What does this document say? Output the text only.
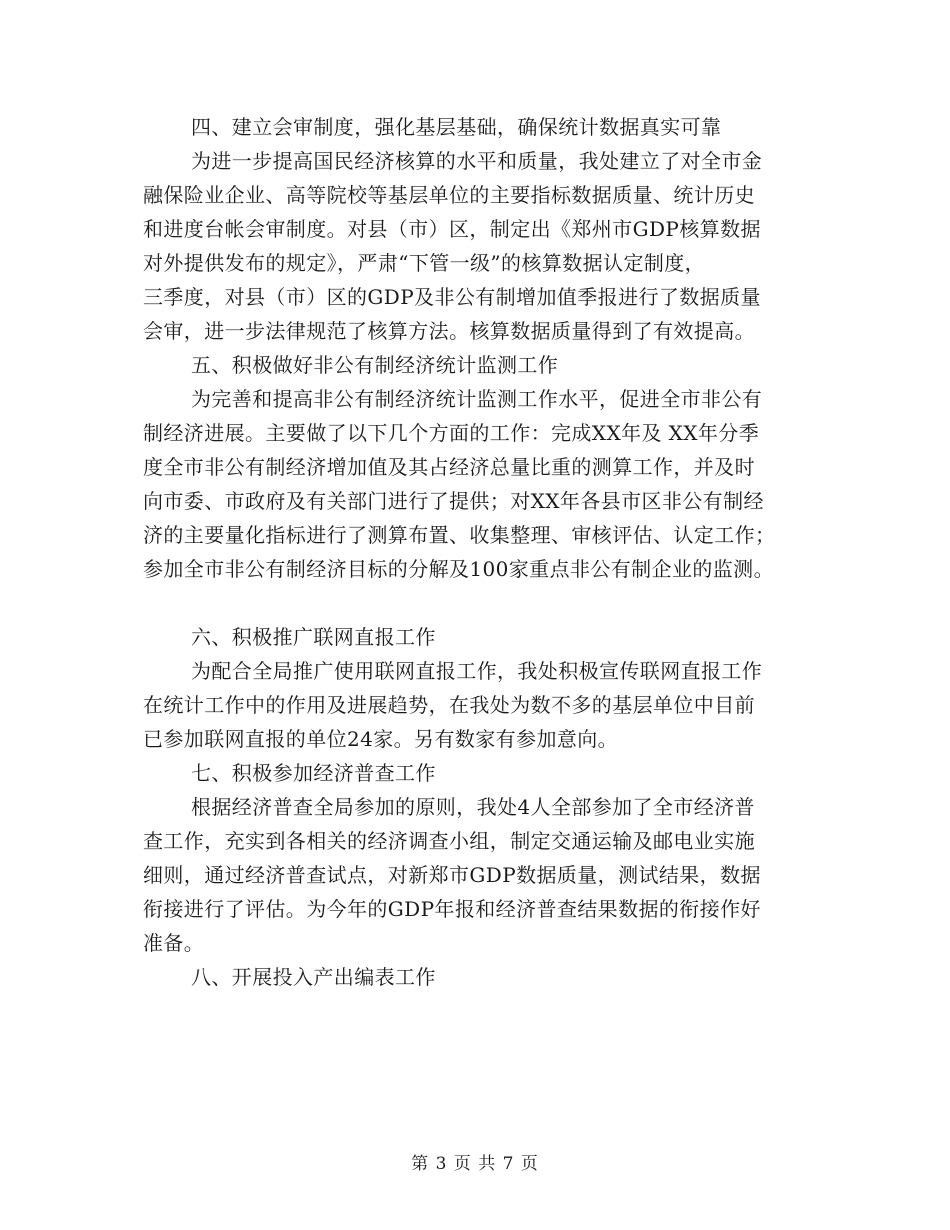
四、建立会审制度，强化基层基础，确保统计数据真实可靠
为进一步提高国民经济核算的水平和质量，我处建立了对全市金
融保险业企业、高等院校等基层单位的主要指标数据质量、统计历史
和进度台帐会审制度。对县（市）区，制定出《郑州市GDP核算数据
对外提供发布的规定》，严肃“下管一级”的核算数据认定制度，
三季度，对县（市）区的GDP及非公有制增加值季报进行了数据质量
会审，进一步法律规范了核算方法。核算数据质量得到了有效提高。
五、积极做好非公有制经济统计监测工作
为完善和提高非公有制经济统计监测工作水平，促进全市非公有
制经济进展。主要做了以下几个方面的工作：完成XX年及 XX年分季
度全市非公有制经济增加值及其占经济总量比重的测算工作，并及时
向市委、市政府及有关部门进行了提供；对XX年各县市区非公有制经
济的主要量化指标进行了测算布置、收集整理、审核评估、认定工作；
参加全市非公有制经济目标的分解及100家重点非公有制企业的监测。
六、积极推广联网直报工作
为配合全局推广使用联网直报工作，我处积极宣传联网直报工作
在统计工作中的作用及进展趋势，在我处为数不多的基层单位中目前
已参加联网直报的单位24家。另有数家有参加意向。
七、积极参加经济普查工作
根据经济普查全局参加的原则，我处4人全部参加了全市经济普
查工作，充实到各相关的经济调查小组，制定交通运输及邮电业实施
细则，通过经济普查试点，对新郑市GDP数据质量，测试结果，数据
衔接进行了评估。为今年的GDP年报和经济普查结果数据的衔接作好
准备。
八、开展投入产出编表工作
第 3 页 共 7 页
